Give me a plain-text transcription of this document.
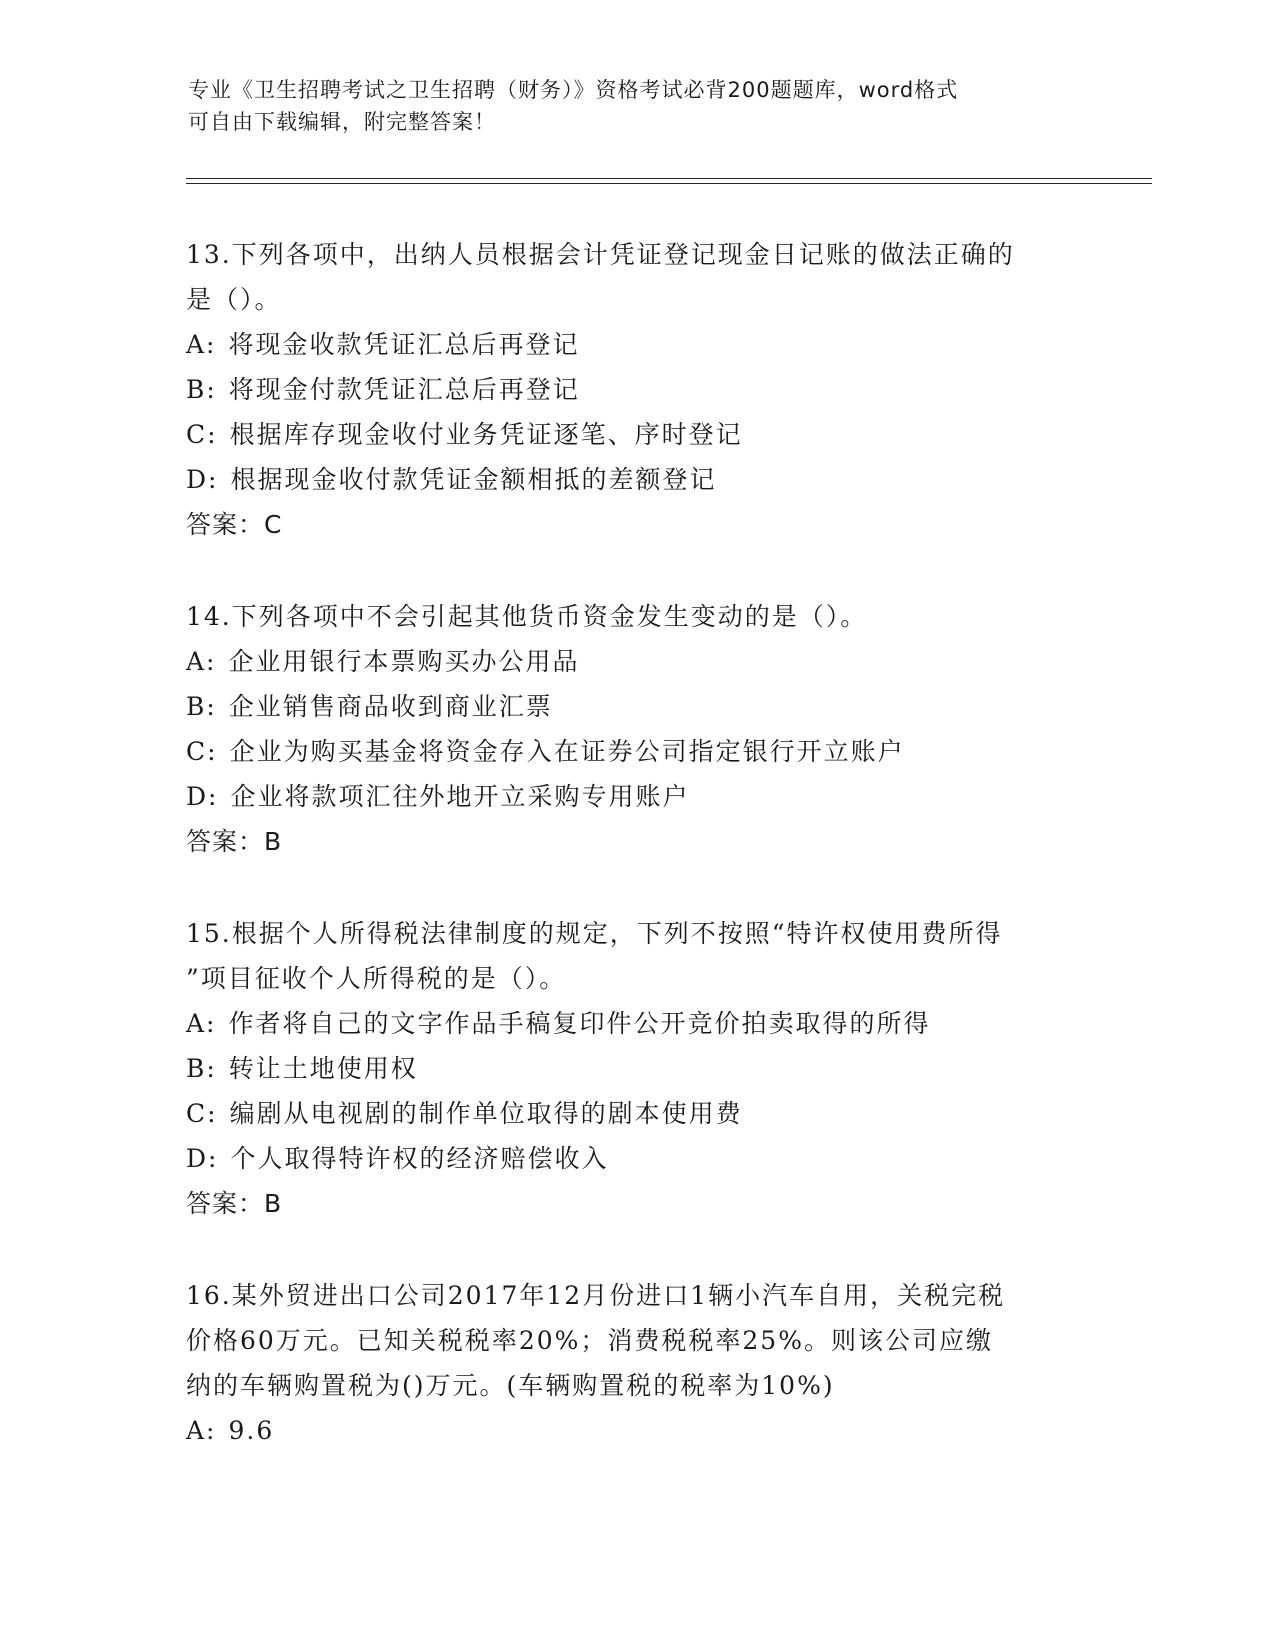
专业《卫生招聘考试之卫生招聘（财务）》资格考试必背200题题库，word格式
可自由下载编辑，附完整答案！
13.下列各项中，出纳人员根据会计凭证登记现金日记账的做法正确的
是（）。
A: 将现金收款凭证汇总后再登记
B: 将现金付款凭证汇总后再登记
C: 根据库存现金收付业务凭证逐笔、序时登记
D: 根据现金收付款凭证金额相抵的差额登记
答案：C
14.下列各项中不会引起其他货币资金发生变动的是（）。
A: 企业用银行本票购买办公用品
B: 企业销售商品收到商业汇票
C: 企业为购买基金将资金存入在证券公司指定银行开立账户
D: 企业将款项汇往外地开立采购专用账户
答案：B
15.根据个人所得税法律制度的规定，下列不按照“特许权使用费所得
”项目征收个人所得税的是（）。
A: 作者将自己的文字作品手稿复印件公开竞价拍卖取得的所得
B: 转让土地使用权
C: 编剧从电视剧的制作单位取得的剧本使用费
D: 个人取得特许权的经济赔偿收入
答案：B
16.某外贸进出口公司2017年12月份进口1辆小汽车自用，关税完税
价格60万元。已知关税税率20%；消费税税率25%。则该公司应缴
纳的车辆购置税为()万元。(车辆购置税的税率为10%)
A: 9.6
